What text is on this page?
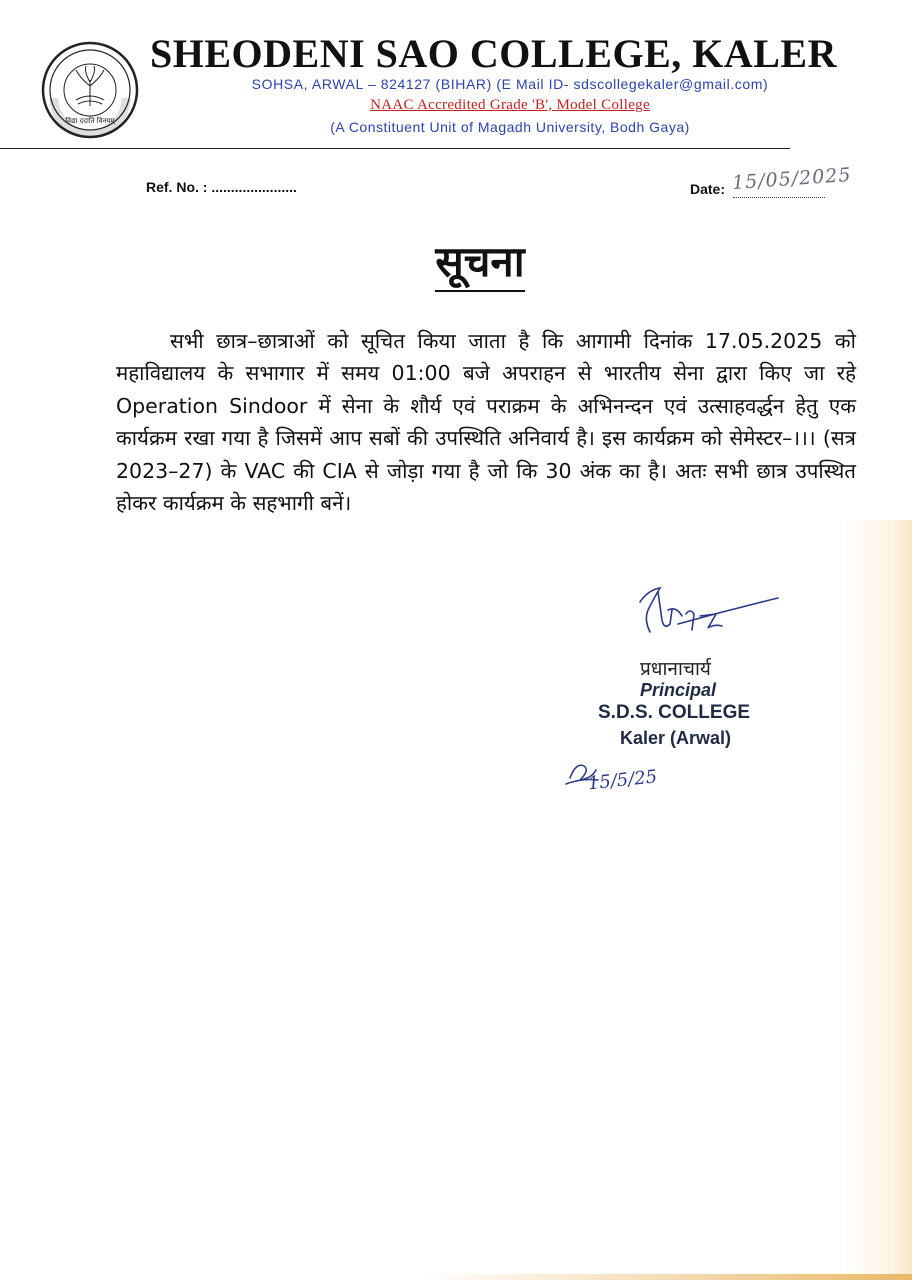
विद्या ददाति विनयम्
SHEODENI SAO COLLEGE, KALER
SOHSA, ARWAL – 824127 (BIHAR) (E Mail ID- sdscollegekaler@gmail.com)
NAAC Accredited Grade 'B', Model College
(A Constituent Unit of Magadh University, Bodh Gaya)
Ref. No. : ......................	Date: 15/05/2025
सूचना
सभी छात्र–छात्राओं को सूचित किया जाता है कि आगामी दिनांक 17.05.2025 को महाविद्यालय के सभागार में समय 01:00 बजे अपराहन से भारतीय सेना द्वारा किए जा रहे Operation Sindoor में सेना के शौर्य एवं पराक्रम के अभिनन्दन एवं उत्साहवर्द्धन हेतु एक कार्यक्रम रखा गया है जिसमें आप सबों की उपस्थिति अनिवार्य है। इस कार्यक्रम को सेमेस्टर–।।। (सत्र 2023–27) के VAC की CIA से जोड़ा गया है जो कि 30 अंक का है। अतः सभी छात्र उपस्थित होकर कार्यक्रम के सहभागी बनें।
प्रधानाचार्य
Principal
S.D.S. COLLEGE
Kaler (Arwal)
15/5/25
